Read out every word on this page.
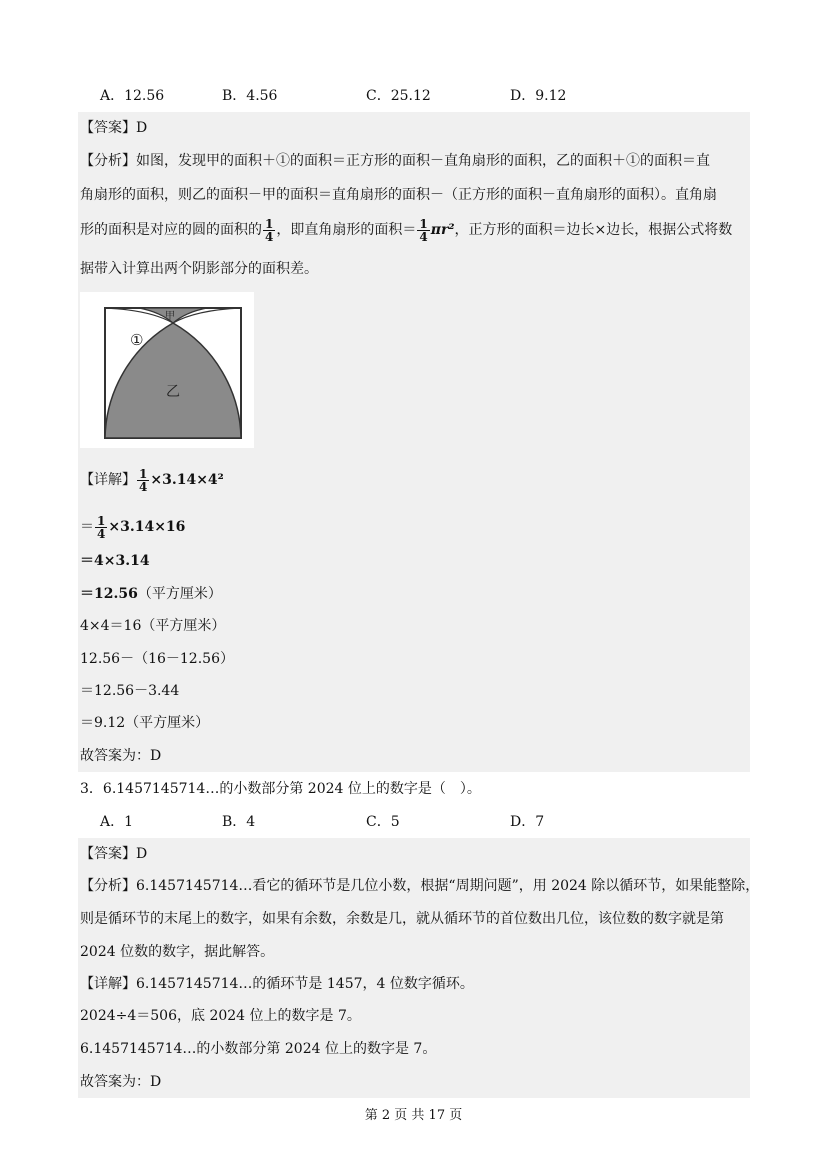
A．12.56	B．4.56	C．25.12	D．9.12
【答案】D
【分析】如图，发现甲的面积＋①的面积＝正方形的面积－直角扇形的面积，乙的面积＋①的面积＝直
角扇形的面积，则乙的面积－甲的面积＝直角扇形的面积－（正方形的面积－直角扇形的面积）。直角扇
形的面积是对应的圆的面积的 $\frac{1}{4}$ ，即直角扇形的面积＝ $\frac{1}{4} \pi r^2$，正方形的面积＝边长×边长，根据公式将数
据带入计算出两个阴影部分的面积差。
①
甲
乙
【详解】 $\frac{1}{4} \times 3.14\times 4^2$
＝ $\frac{1}{4} \times 3.14\times 16$
＝4×3.14
＝12.56（平方厘米）
4×4＝16（平方厘米）
12.56－（16－12.56）
＝12.56－3.44
＝9.12（平方厘米）
故答案为：D
3．6.1457145714…的小数部分第 2024 位上的数字是（　）。
A．1	B．4	C．5	D．7
【答案】D
【分析】6.1457145714…看它的循环节是几位小数，根据“周期问题”，用 2024 除以循环节，如果能整除，
则是循环节的末尾上的数字，如果有余数，余数是几，就从循环节的首位数出几位，该位数的数字就是第
2024 位数的数字，据此解答。
【详解】6.1457145714…的循环节是 1457，4 位数字循环。
2024÷4＝506，底 2024 位上的数字是 7。
6.1457145714…的小数部分第 2024 位上的数字是 7。
故答案为：D
第 2 页 共 17 页
